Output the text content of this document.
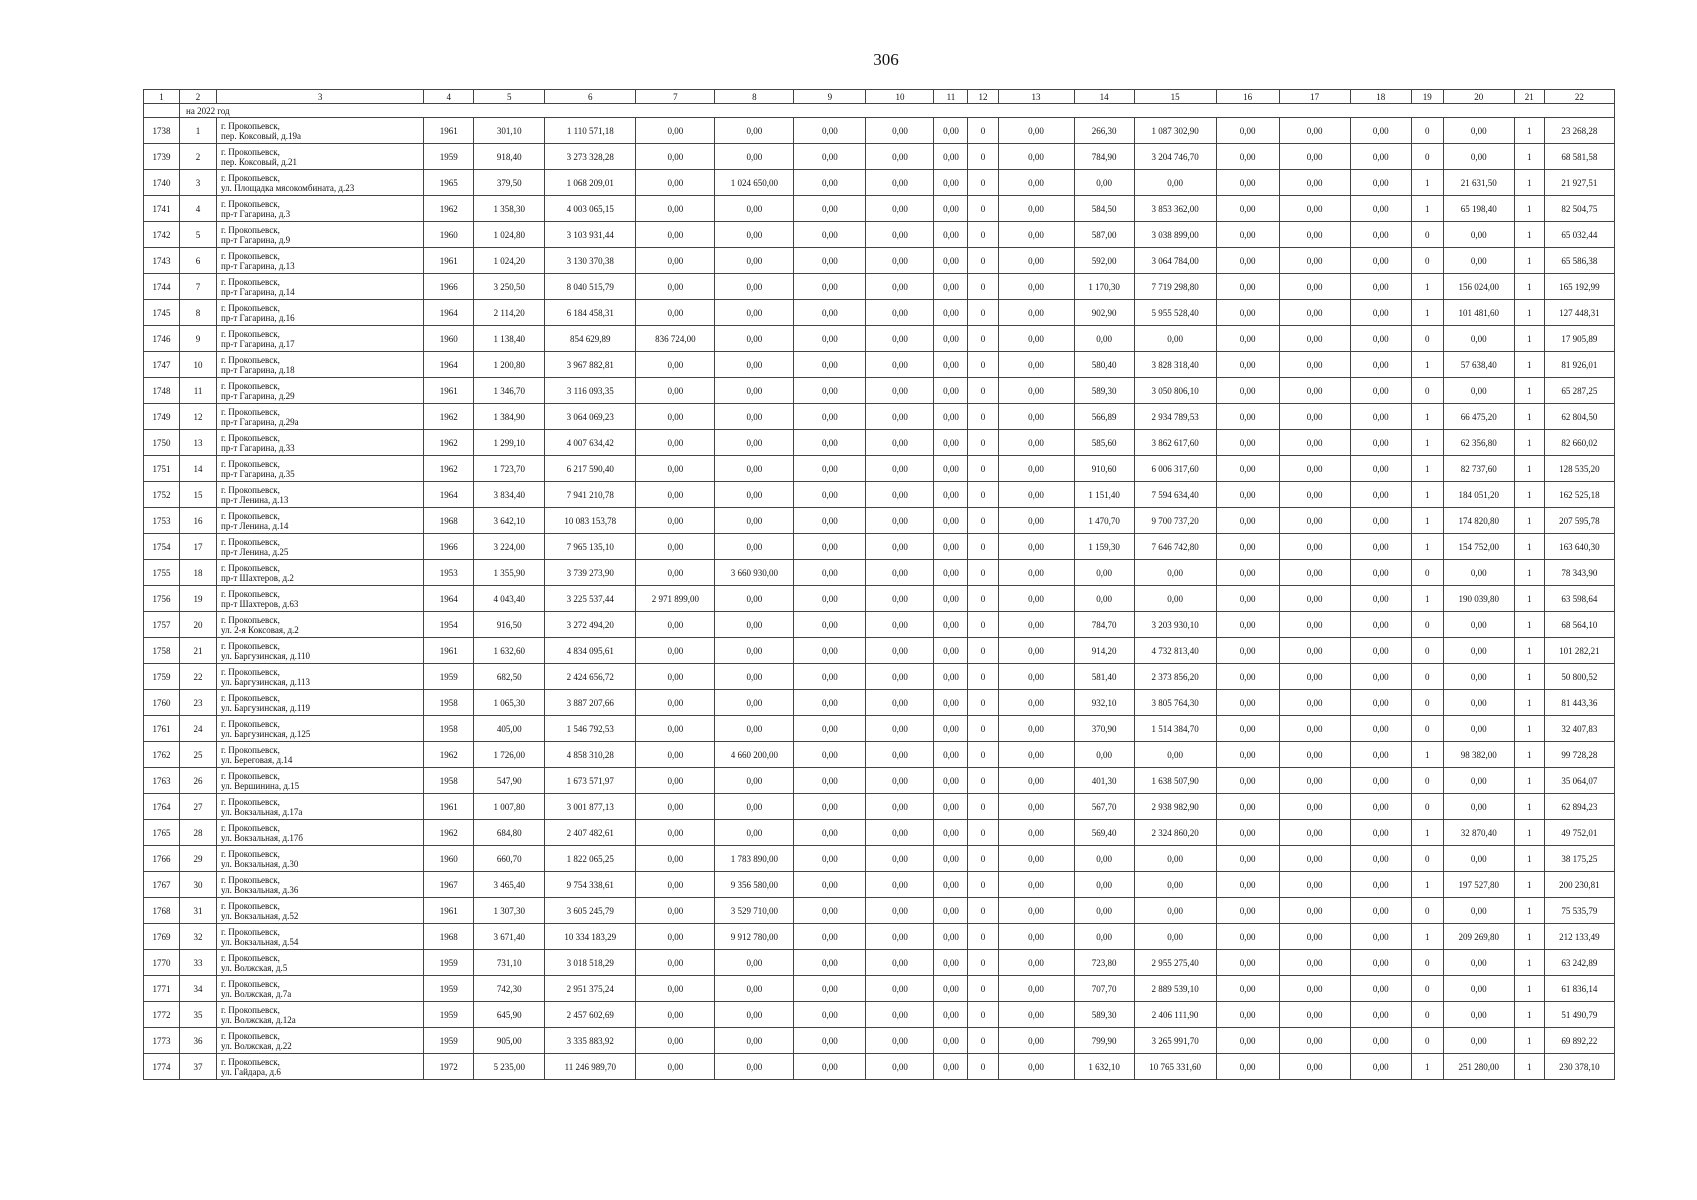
306
1	2	3	4	5	6	7	8	9	10	11	12	13	14	15	16	17	18	19	20	21	22
	на 2022 год																				
1738	1	г. Прокопьевск,
пер. Коксовый, д.19а	1961	301,10	1 110 571,18	0,00	0,00	0,00	0,00	0,00	0	0,00	266,30	1 087 302,90	0,00	0,00	0,00	0	0,00	1	23 268,28
1739	2	г. Прокопьевск,
пер. Коксовый, д.21	1959	918,40	3 273 328,28	0,00	0,00	0,00	0,00	0,00	0	0,00	784,90	3 204 746,70	0,00	0,00	0,00	0	0,00	1	68 581,58
1740	3	г. Прокопьевск,
ул. Площадка мясокомбината, д.23	1965	379,50	1 068 209,01	0,00	1 024 650,00	0,00	0,00	0,00	0	0,00	0,00	0,00	0,00	0,00	0,00	1	21 631,50	1	21 927,51
1741	4	г. Прокопьевск,
пр-т Гагарина, д.3	1962	1 358,30	4 003 065,15	0,00	0,00	0,00	0,00	0,00	0	0,00	584,50	3 853 362,00	0,00	0,00	0,00	1	65 198,40	1	82 504,75
1742	5	г. Прокопьевск,
пр-т Гагарина, д.9	1960	1 024,80	3 103 931,44	0,00	0,00	0,00	0,00	0,00	0	0,00	587,00	3 038 899,00	0,00	0,00	0,00	0	0,00	1	65 032,44
1743	6	г. Прокопьевск,
пр-т Гагарина, д.13	1961	1 024,20	3 130 370,38	0,00	0,00	0,00	0,00	0,00	0	0,00	592,00	3 064 784,00	0,00	0,00	0,00	0	0,00	1	65 586,38
1744	7	г. Прокопьевск,
пр-т Гагарина, д.14	1966	3 250,50	8 040 515,79	0,00	0,00	0,00	0,00	0,00	0	0,00	1 170,30	7 719 298,80	0,00	0,00	0,00	1	156 024,00	1	165 192,99
1745	8	г. Прокопьевск,
пр-т Гагарина, д.16	1964	2 114,20	6 184 458,31	0,00	0,00	0,00	0,00	0,00	0	0,00	902,90	5 955 528,40	0,00	0,00	0,00	1	101 481,60	1	127 448,31
1746	9	г. Прокопьевск,
пр-т Гагарина, д.17	1960	1 138,40	854 629,89	836 724,00	0,00	0,00	0,00	0,00	0	0,00	0,00	0,00	0,00	0,00	0,00	0	0,00	1	17 905,89
1747	10	г. Прокопьевск,
пр-т Гагарина, д.18	1964	1 200,80	3 967 882,81	0,00	0,00	0,00	0,00	0,00	0	0,00	580,40	3 828 318,40	0,00	0,00	0,00	1	57 638,40	1	81 926,01
1748	11	г. Прокопьевск,
пр-т Гагарина, д.29	1961	1 346,70	3 116 093,35	0,00	0,00	0,00	0,00	0,00	0	0,00	589,30	3 050 806,10	0,00	0,00	0,00	0	0,00	1	65 287,25
1749	12	г. Прокопьевск,
пр-т Гагарина, д.29а	1962	1 384,90	3 064 069,23	0,00	0,00	0,00	0,00	0,00	0	0,00	566,89	2 934 789,53	0,00	0,00	0,00	1	66 475,20	1	62 804,50
1750	13	г. Прокопьевск,
пр-т Гагарина, д.33	1962	1 299,10	4 007 634,42	0,00	0,00	0,00	0,00	0,00	0	0,00	585,60	3 862 617,60	0,00	0,00	0,00	1	62 356,80	1	82 660,02
1751	14	г. Прокопьевск,
пр-т Гагарина, д.35	1962	1 723,70	6 217 590,40	0,00	0,00	0,00	0,00	0,00	0	0,00	910,60	6 006 317,60	0,00	0,00	0,00	1	82 737,60	1	128 535,20
1752	15	г. Прокопьевск,
пр-т Ленина, д.13	1964	3 834,40	7 941 210,78	0,00	0,00	0,00	0,00	0,00	0	0,00	1 151,40	7 594 634,40	0,00	0,00	0,00	1	184 051,20	1	162 525,18
1753	16	г. Прокопьевск,
пр-т Ленина, д.14	1968	3 642,10	10 083 153,78	0,00	0,00	0,00	0,00	0,00	0	0,00	1 470,70	9 700 737,20	0,00	0,00	0,00	1	174 820,80	1	207 595,78
1754	17	г. Прокопьевск,
пр-т Ленина, д.25	1966	3 224,00	7 965 135,10	0,00	0,00	0,00	0,00	0,00	0	0,00	1 159,30	7 646 742,80	0,00	0,00	0,00	1	154 752,00	1	163 640,30
1755	18	г. Прокопьевск,
пр-т Шахтеров, д.2	1953	1 355,90	3 739 273,90	0,00	3 660 930,00	0,00	0,00	0,00	0	0,00	0,00	0,00	0,00	0,00	0,00	0	0,00	1	78 343,90
1756	19	г. Прокопьевск,
пр-т Шахтеров, д.63	1964	4 043,40	3 225 537,44	2 971 899,00	0,00	0,00	0,00	0,00	0	0,00	0,00	0,00	0,00	0,00	0,00	1	190 039,80	1	63 598,64
1757	20	г. Прокопьевск,
ул. 2-я Коксовая, д.2	1954	916,50	3 272 494,20	0,00	0,00	0,00	0,00	0,00	0	0,00	784,70	3 203 930,10	0,00	0,00	0,00	0	0,00	1	68 564,10
1758	21	г. Прокопьевск,
ул. Баргузинская, д.110	1961	1 632,60	4 834 095,61	0,00	0,00	0,00	0,00	0,00	0	0,00	914,20	4 732 813,40	0,00	0,00	0,00	0	0,00	1	101 282,21
1759	22	г. Прокопьевск,
ул. Баргузинская, д.113	1959	682,50	2 424 656,72	0,00	0,00	0,00	0,00	0,00	0	0,00	581,40	2 373 856,20	0,00	0,00	0,00	0	0,00	1	50 800,52
1760	23	г. Прокопьевск,
ул. Баргузинская, д.119	1958	1 065,30	3 887 207,66	0,00	0,00	0,00	0,00	0,00	0	0,00	932,10	3 805 764,30	0,00	0,00	0,00	0	0,00	1	81 443,36
1761	24	г. Прокопьевск,
ул. Баргузинская, д.125	1958	405,00	1 546 792,53	0,00	0,00	0,00	0,00	0,00	0	0,00	370,90	1 514 384,70	0,00	0,00	0,00	0	0,00	1	32 407,83
1762	25	г. Прокопьевск,
ул. Береговая, д.14	1962	1 726,00	4 858 310,28	0,00	4 660 200,00	0,00	0,00	0,00	0	0,00	0,00	0,00	0,00	0,00	0,00	1	98 382,00	1	99 728,28
1763	26	г. Прокопьевск,
ул. Вершинина, д.15	1958	547,90	1 673 571,97	0,00	0,00	0,00	0,00	0,00	0	0,00	401,30	1 638 507,90	0,00	0,00	0,00	0	0,00	1	35 064,07
1764	27	г. Прокопьевск,
ул. Вокзальная, д.17а	1961	1 007,80	3 001 877,13	0,00	0,00	0,00	0,00	0,00	0	0,00	567,70	2 938 982,90	0,00	0,00	0,00	0	0,00	1	62 894,23
1765	28	г. Прокопьевск,
ул. Вокзальная, д.17б	1962	684,80	2 407 482,61	0,00	0,00	0,00	0,00	0,00	0	0,00	569,40	2 324 860,20	0,00	0,00	0,00	1	32 870,40	1	49 752,01
1766	29	г. Прокопьевск,
ул. Вокзальная, д.30	1960	660,70	1 822 065,25	0,00	1 783 890,00	0,00	0,00	0,00	0	0,00	0,00	0,00	0,00	0,00	0,00	0	0,00	1	38 175,25
1767	30	г. Прокопьевск,
ул. Вокзальная, д.36	1967	3 465,40	9 754 338,61	0,00	9 356 580,00	0,00	0,00	0,00	0	0,00	0,00	0,00	0,00	0,00	0,00	1	197 527,80	1	200 230,81
1768	31	г. Прокопьевск,
ул. Вокзальная, д.52	1961	1 307,30	3 605 245,79	0,00	3 529 710,00	0,00	0,00	0,00	0	0,00	0,00	0,00	0,00	0,00	0,00	0	0,00	1	75 535,79
1769	32	г. Прокопьевск,
ул. Вокзальная, д.54	1968	3 671,40	10 334 183,29	0,00	9 912 780,00	0,00	0,00	0,00	0	0,00	0,00	0,00	0,00	0,00	0,00	1	209 269,80	1	212 133,49
1770	33	г. Прокопьевск,
ул. Волжская, д.5	1959	731,10	3 018 518,29	0,00	0,00	0,00	0,00	0,00	0	0,00	723,80	2 955 275,40	0,00	0,00	0,00	0	0,00	1	63 242,89
1771	34	г. Прокопьевск,
ул. Волжская, д.7а	1959	742,30	2 951 375,24	0,00	0,00	0,00	0,00	0,00	0	0,00	707,70	2 889 539,10	0,00	0,00	0,00	0	0,00	1	61 836,14
1772	35	г. Прокопьевск,
ул. Волжская, д.12а	1959	645,90	2 457 602,69	0,00	0,00	0,00	0,00	0,00	0	0,00	589,30	2 406 111,90	0,00	0,00	0,00	0	0,00	1	51 490,79
1773	36	г. Прокопьевск,
ул. Волжская, д.22	1959	905,00	3 335 883,92	0,00	0,00	0,00	0,00	0,00	0	0,00	799,90	3 265 991,70	0,00	0,00	0,00	0	0,00	1	69 892,22
1774	37	г. Прокопьевск,
ул. Гайдара, д.6	1972	5 235,00	11 246 989,70	0,00	0,00	0,00	0,00	0,00	0	0,00	1 632,10	10 765 331,60	0,00	0,00	0,00	1	251 280,00	1	230 378,10
